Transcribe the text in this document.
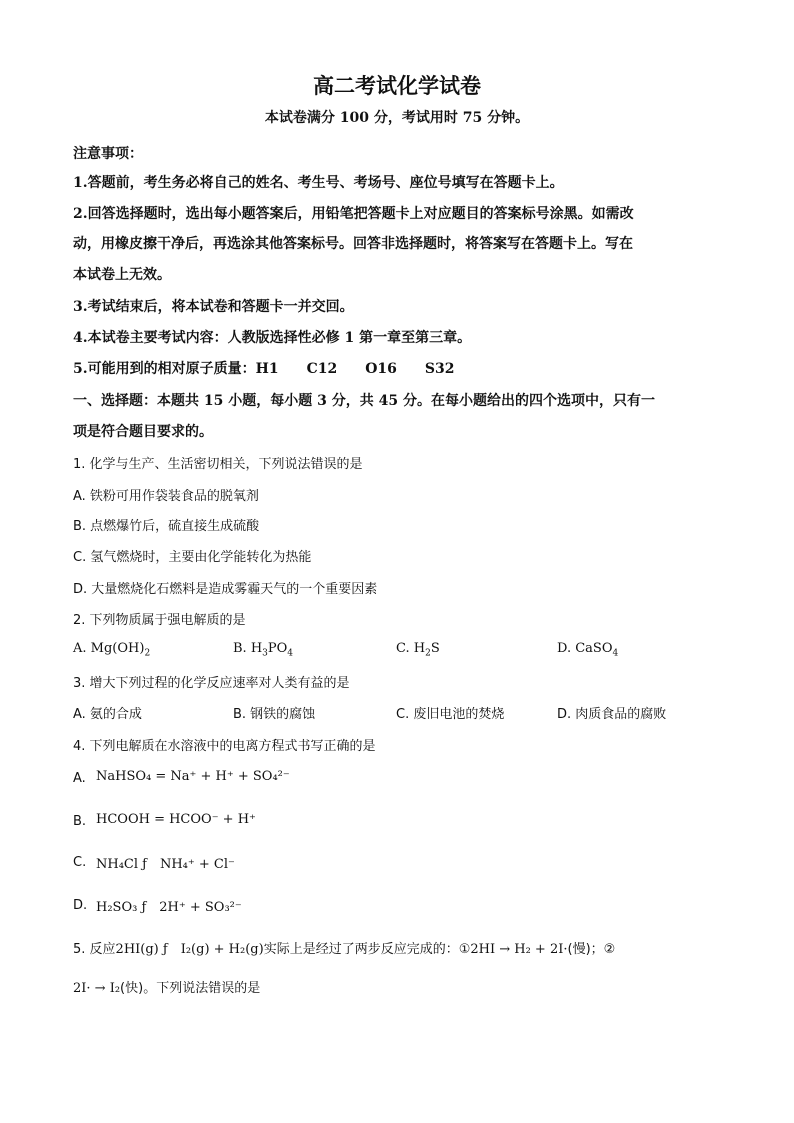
高二考试化学试卷
本试卷满分 100 分，考试用时 75 分钟。
注意事项：
1.答题前，考生务必将自己的姓名、考生号、考场号、座位号填写在答题卡上。
2.回答选择题时，选出每小题答案后，用铅笔把答题卡上对应题目的答案标号涂黑。如需改
动，用橡皮擦干净后，再选涂其他答案标号。回答非选择题时，将答案写在答题卡上。写在
本试卷上无效。
3.考试结束后，将本试卷和答题卡一并交回。
4.本试卷主要考试内容：人教版选择性必修 1 第一章至第三章。
5.可能用到的相对原子质量：H1　　C12　　O16　　S32
一、选择题：本题共 15 小题，每小题 3 分，共 45 分。在每小题给出的四个选项中，只有一
项是符合题目要求的。
1. 化学与生产、生活密切相关，下列说法错误的是
A. 铁粉可用作袋装食品的脱氧剂
B. 点燃爆竹后，硫直接生成硫酸
C. 氢气燃烧时，主要由化学能转化为热能
D. 大量燃烧化石燃料是造成雾霾天气的一个重要因素
2. 下列物质属于强电解质的是
A. $Mg(OH)_2$	B. $H_3PO_4$	C. $H_2S$	D. CaSO$_4$
3. 增大下列过程的化学反应速率对人类有益的是
A. 氨的合成	B. 钢铁的腐蚀	C. 废旧电池的焚烧	D. 肉质食品的腐败
4. 下列电解质在水溶液中的电离方程式书写正确的是
A. NaHSO₄ = Na⁺ + H⁺ + SO₄²⁻
B. HCOOH = HCOO⁻ + H⁺
C. NH₄Cl ƒ　NH₄⁺ + Cl⁻
D. H₂SO₃ ƒ　2H⁺ + SO₃²⁻
5. 反应2HI(g) ƒ　I₂(g) + H₂(g)实际上是经过了两步反应完成的：①2HI → H₂ + 2I·(慢)；②
2I· → I₂(快)。下列说法错误的是
